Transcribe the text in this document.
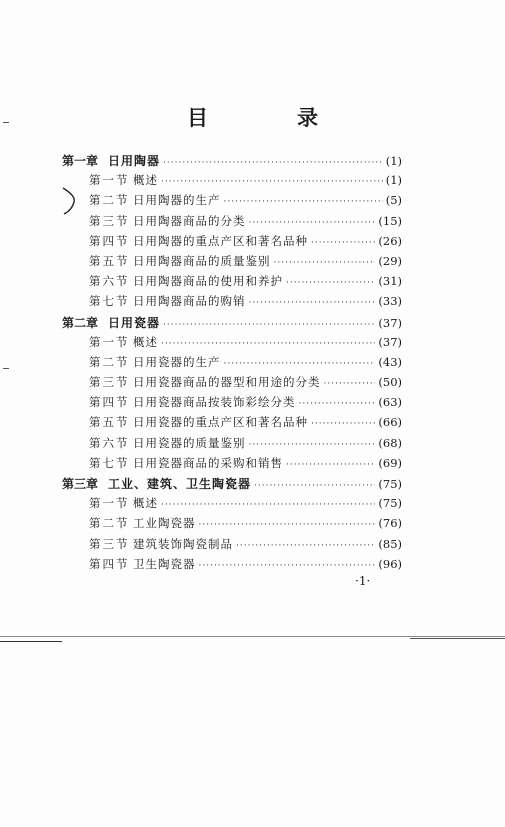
目　录
第一章 日用陶器 ·····	(1)
第一节 概述 ·····	(1)
第二节 日用陶器的生产 ·····	(5)
第三节 日用陶器商品的分类 ·····	(15)
第四节 日用陶器的重点产区和著名品种 ·····	(26)
第五节 日用陶器商品的质量鉴别 ·····	(29)
第六节 日用陶器商品的使用和养护 ·····	(31)
第七节 日用陶器商品的购销 ·····	(33)
第二章 日用瓷器 ·····	(37)
第一节 概述 ·····	(37)
第二节 日用瓷器的生产 ·····	(43)
第三节 日用瓷器商品的器型和用途的分类 ·····	(50)
第四节 日用瓷器商品按装饰彩绘分类 ·····	(63)
第五节 日用瓷器的重点产区和著名品种 ·····	(66)
第六节 日用瓷器的质量鉴别 ·····	(68)
第七节 日用瓷器商品的采购和销售 ·····	(69)
第三章 工业、建筑、卫生陶瓷器 ·····	(75)
第一节 概述 ·····	(75)
第二节 工业陶瓷器 ·····	(76)
第三节 建筑装饰陶瓷制品 ·····	(85)
第四节 卫生陶瓷器 ·····	(96)
·1·
